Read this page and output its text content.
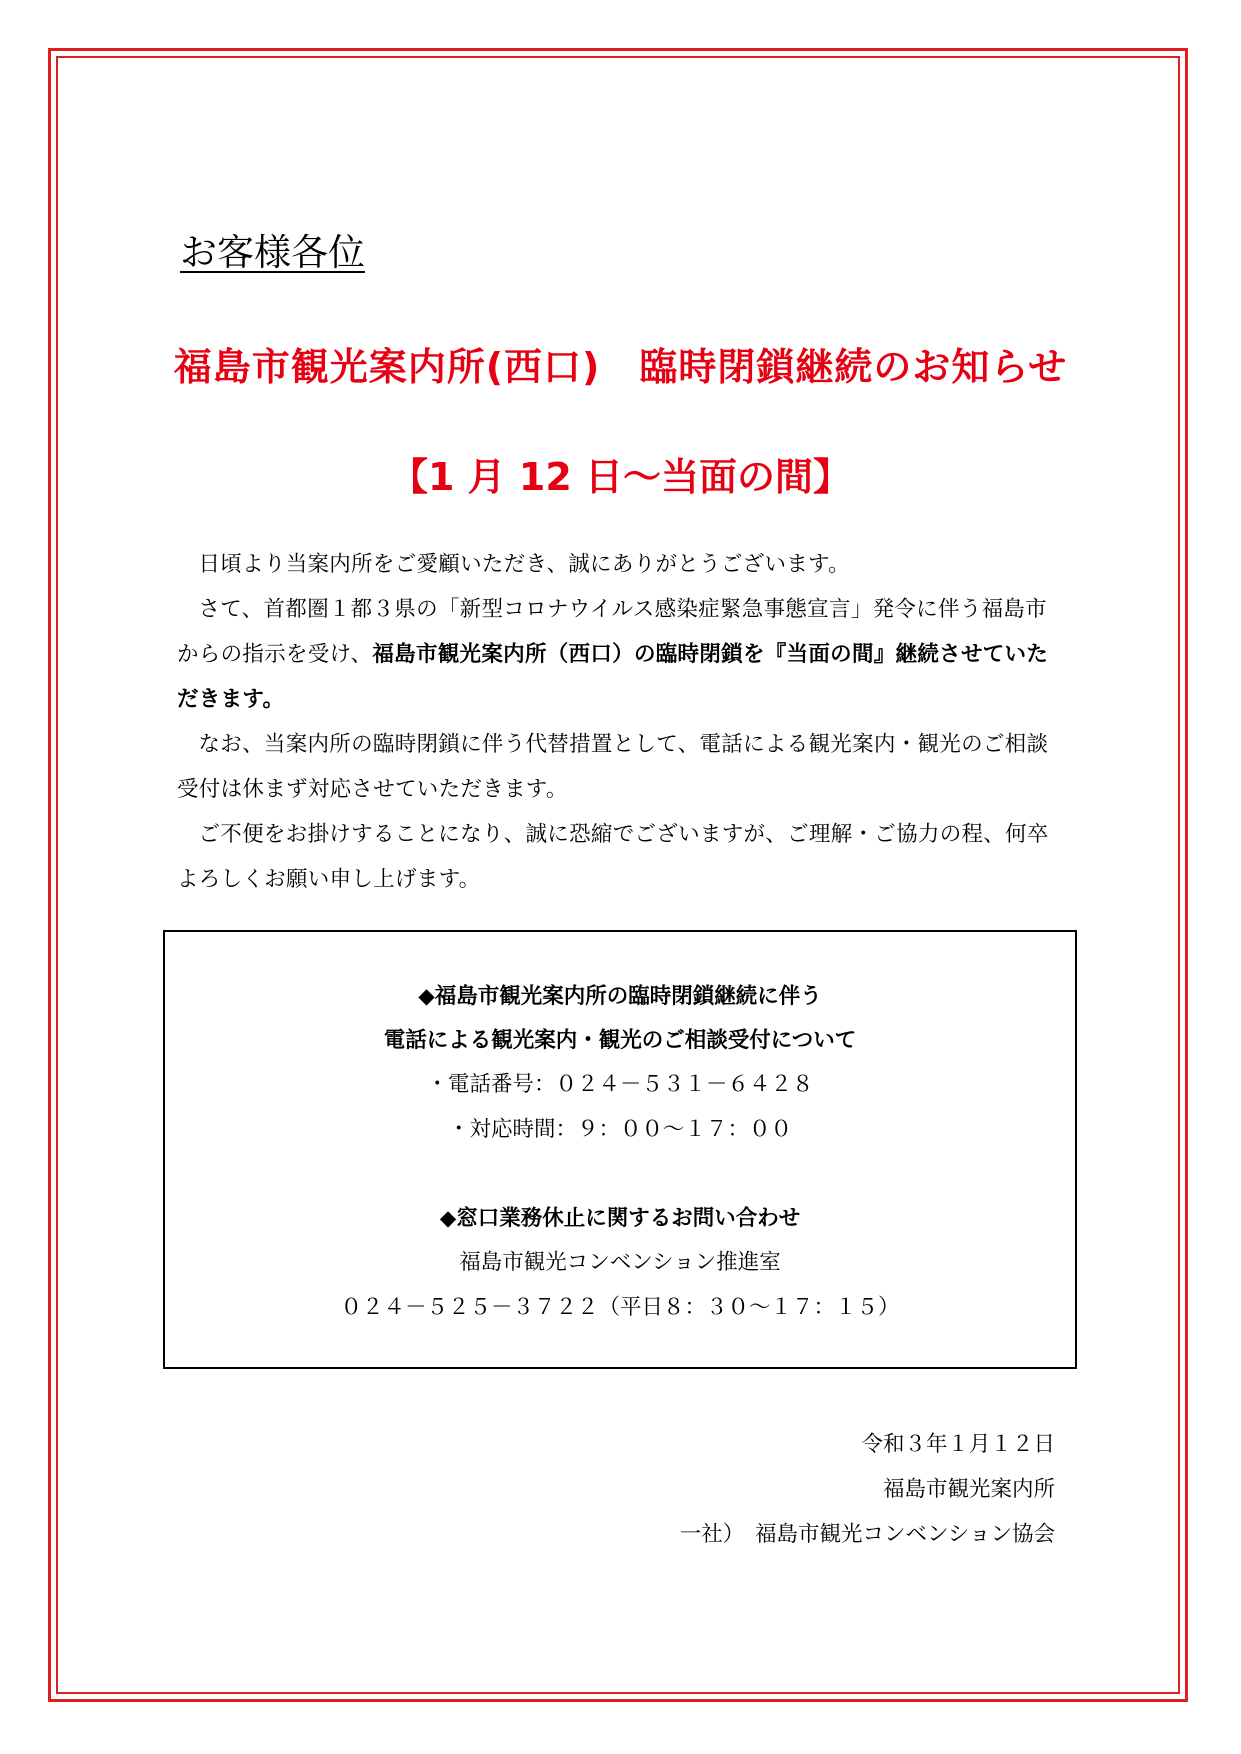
お客様各位
福島市観光案内所(西口)　臨時閉鎖継続のお知らせ
【1 月 12 日～当面の間】

日頃より当案内所をご愛顧いただき、誠にありがとうございます。

さて、首都圏１都３県の「新型コロナウイルス感染症緊急事態宣言」発令に伴う福島市からの指示を受け、福島市観光案内所（西口）の臨時閉鎖を『当面の間』継続させていただきます。

なお、当案内所の臨時閉鎖に伴う代替措置として、電話による観光案内・観光のご相談受付は休まず対応させていただきます。

ご不便をお掛けすることになり、誠に恐縮でございますが、ご理解・ご協力の程、何卒よろしくお願い申し上げます。

◆福島市観光案内所の臨時閉鎖継続に伴う
電話による観光案内・観光のご相談受付について
・電話番号：０２４－５３１－６４２８
・対応時間：９：００～１７：００
◆窓口業務休止に関するお問い合わせ
福島市観光コンベンション推進室
０２４－５２５－３７２２（平日８：３０～１７：１５）
令和３年１月１２日
福島市観光案内所
一社）　福島市観光コンベンション協会
